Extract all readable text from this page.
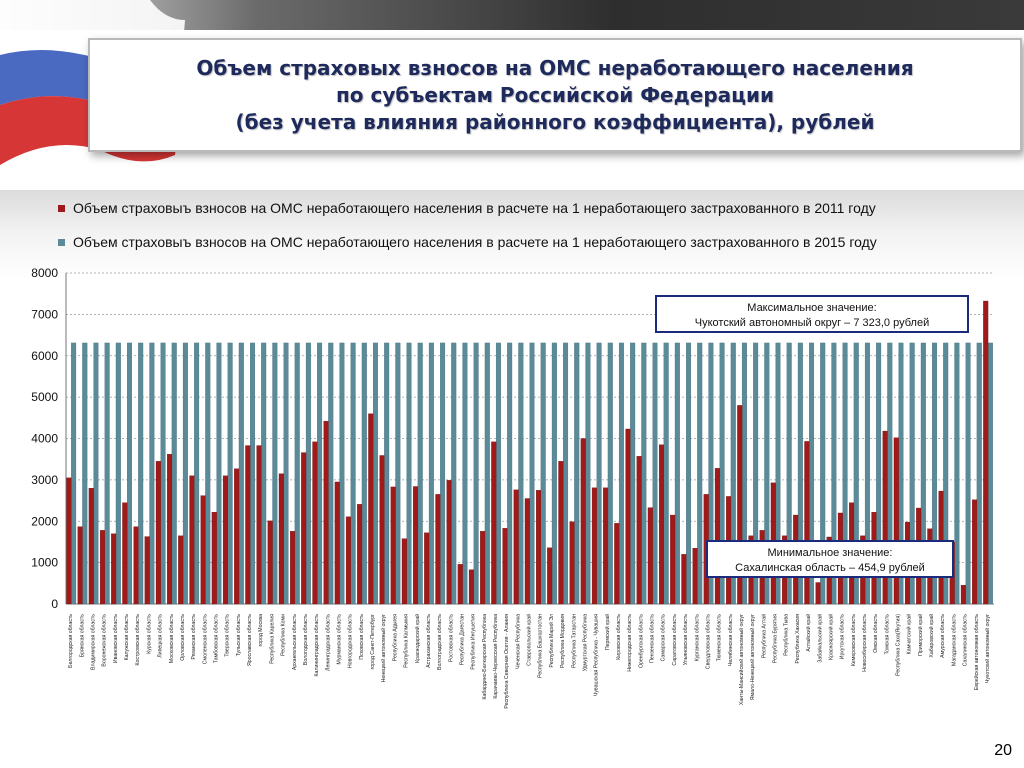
Объем страховых взносов на ОМС неработающего населения
по субъектам Российской Федерации
(без учета влияния районного коэффициента), рублей
Объем страховыъ взносов на ОМС неработающего населения в расчете на 1 неработающего застрахованного в 2011 году
Объем страховыъ взносов на ОМС неработающего населения в расчете на 1 неработающего застрахованного в 2015 году
0
1000
2000
3000
4000
5000
6000
7000
8000
Белгородская область Брянская область Владимирская область Воронежская область Ивановская область Калужская область Костромская область Курская область Липецкая область Московская область Орловская область Рязанская область Смоленская область Тамбовская область Тверская область Тульская область Ярославская область город Москва Республика Карелия Республика Коми Архангельская область Вологодская область Калининградская область Ленинградская область Мурманская область Новгородская область Псковская область город Санкт-Петербург Ненецкий автономный округ Республика Адыгея Республика Калмыкия Краснодарский край Астраханская область Волгоградская область Ростовская область Республика Дагестан Республика Ингушетия Кабардино-Балкарская Республика Карачаево-Черкесская Республика Республика Северная Осетия - Алания Чеченская Республика Ставропольский край Республика Башкортостан Республика Марий Эл Республика Мордовия Республика Татарстан Удмуртская Республика Чувашская Республика - Чувашия Пермский край Кировская область Нижегородская область Оренбургская область Пензенская область Самарская область Саратовская область Ульяновская область Курганская область Свердловская область Тюменская область Челябинская область Ханты-Мансийский автономный округ Ямало-Ненецкий автономный округ Республика Алтай Республика Бурятия Республика Тыва Республика Хакасия Алтайский край Забайкальский край Красноярский край Иркутская область Кемеровская область Новосибирская область Омская область Томская область Республика Саха(Якутия) Камчатский край Приморский край Хабаровский край Амурская область Магаданская область Сахалинская область Еврейская автономная область Чукотский автономный округ
Максимальное значение:
Чукотский автономный округ – 7 323,0 рублей
Минимальное значение:
Сахалинская область – 454,9 рублей
20
